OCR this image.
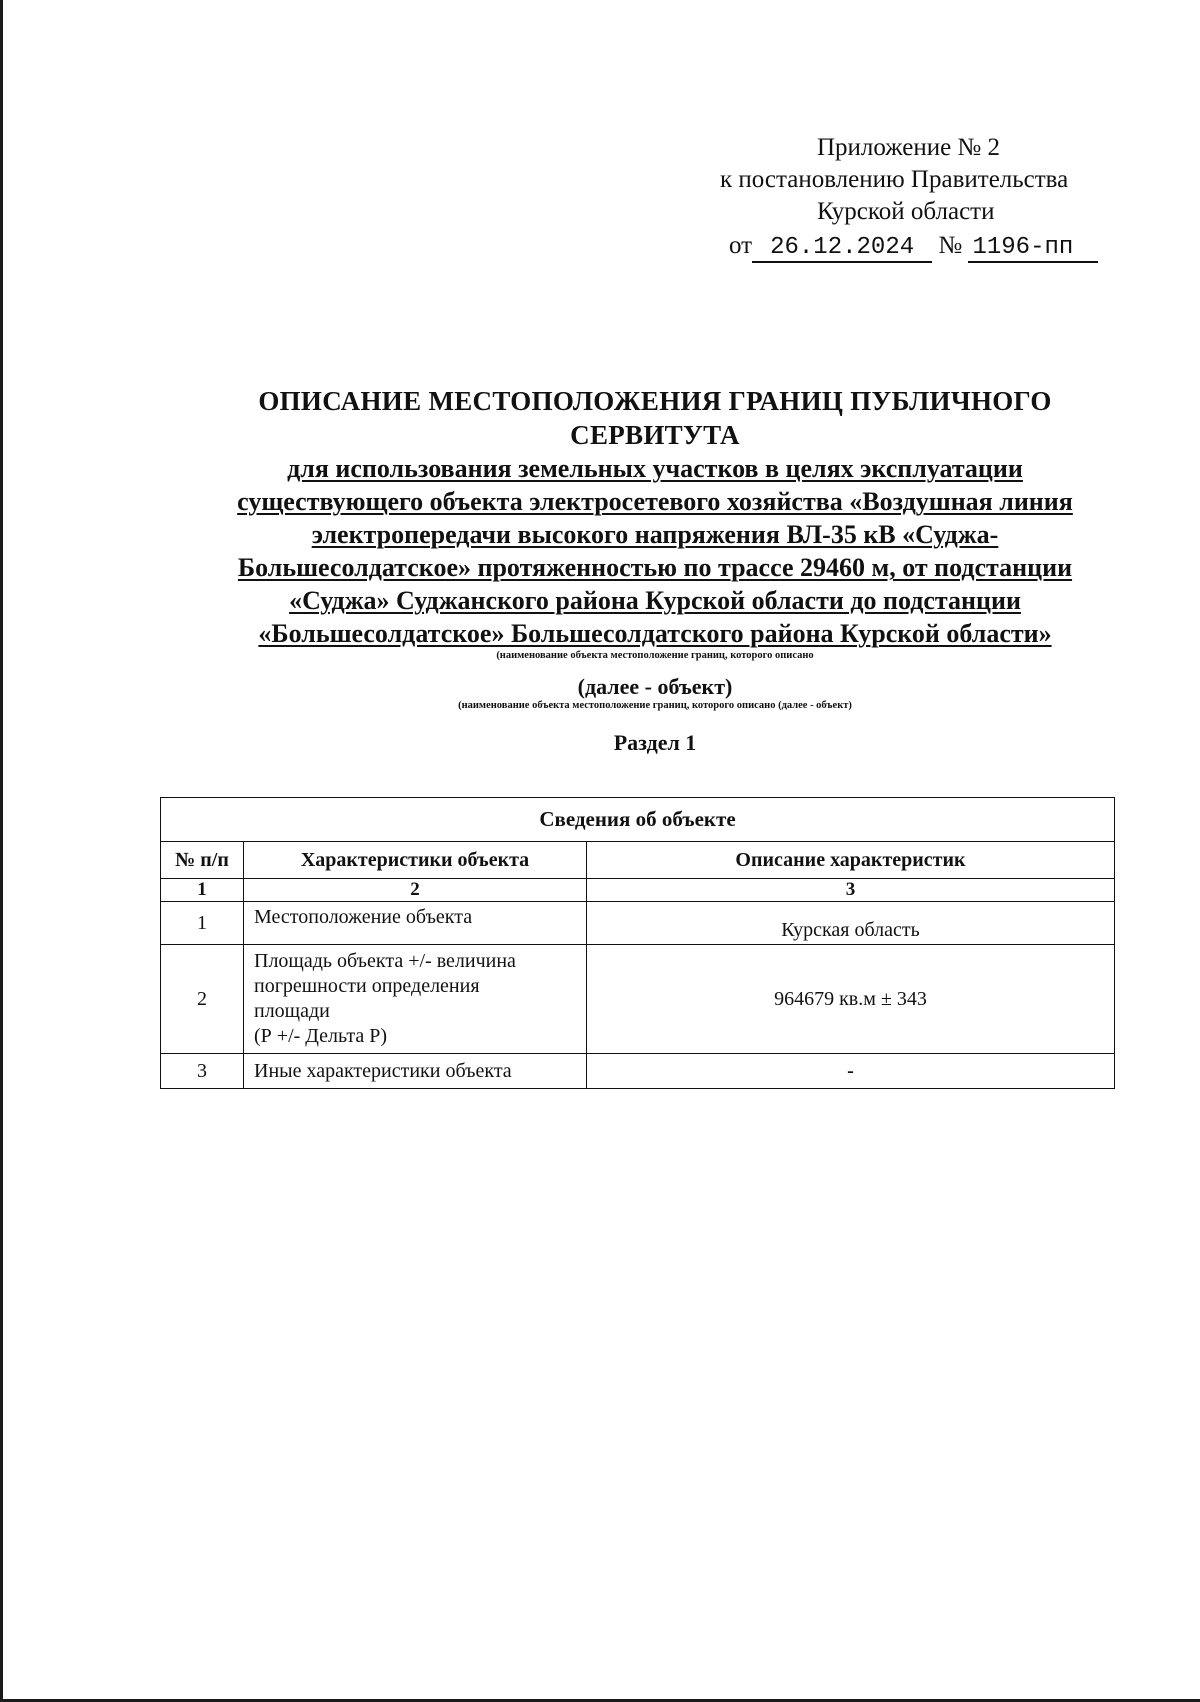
Приложение № 2
к постановлению Правительства
Курской области
от 26.12.2024 № 1196-пп
ОПИСАНИЕ МЕСТОПОЛОЖЕНИЯ ГРАНИЦ ПУБЛИЧНОГО
СЕРВИТУТА
для использования земельных участков в целях эксплуатации
существующего объекта электросетевого хозяйства «Воздушная линия
электропередачи высокого напряжения ВЛ-35 кВ «Суджа-
Большесолдатское» протяженностью по трассе 29460 м, от подстанции
«Суджа» Суджанского района Курской области до подстанции
«Большесолдатское» Большесолдатского района Курской области»
(наименование объекта местоположение границ, которого описано
(далее - объект)
(наименование объекта местоположение границ, которого описано (далее - объект)
Раздел 1
Сведения об объекте		
№ п/п	Характеристики объекта	Описание характеристик
1	2	3
1	Местоположение объекта	Курская область
2	Площадь объекта +/- величина
погрешности определения
площади
(Р +/- Дельта Р)	964679 кв.м ± 343
3	Иные характеристики объекта	-
